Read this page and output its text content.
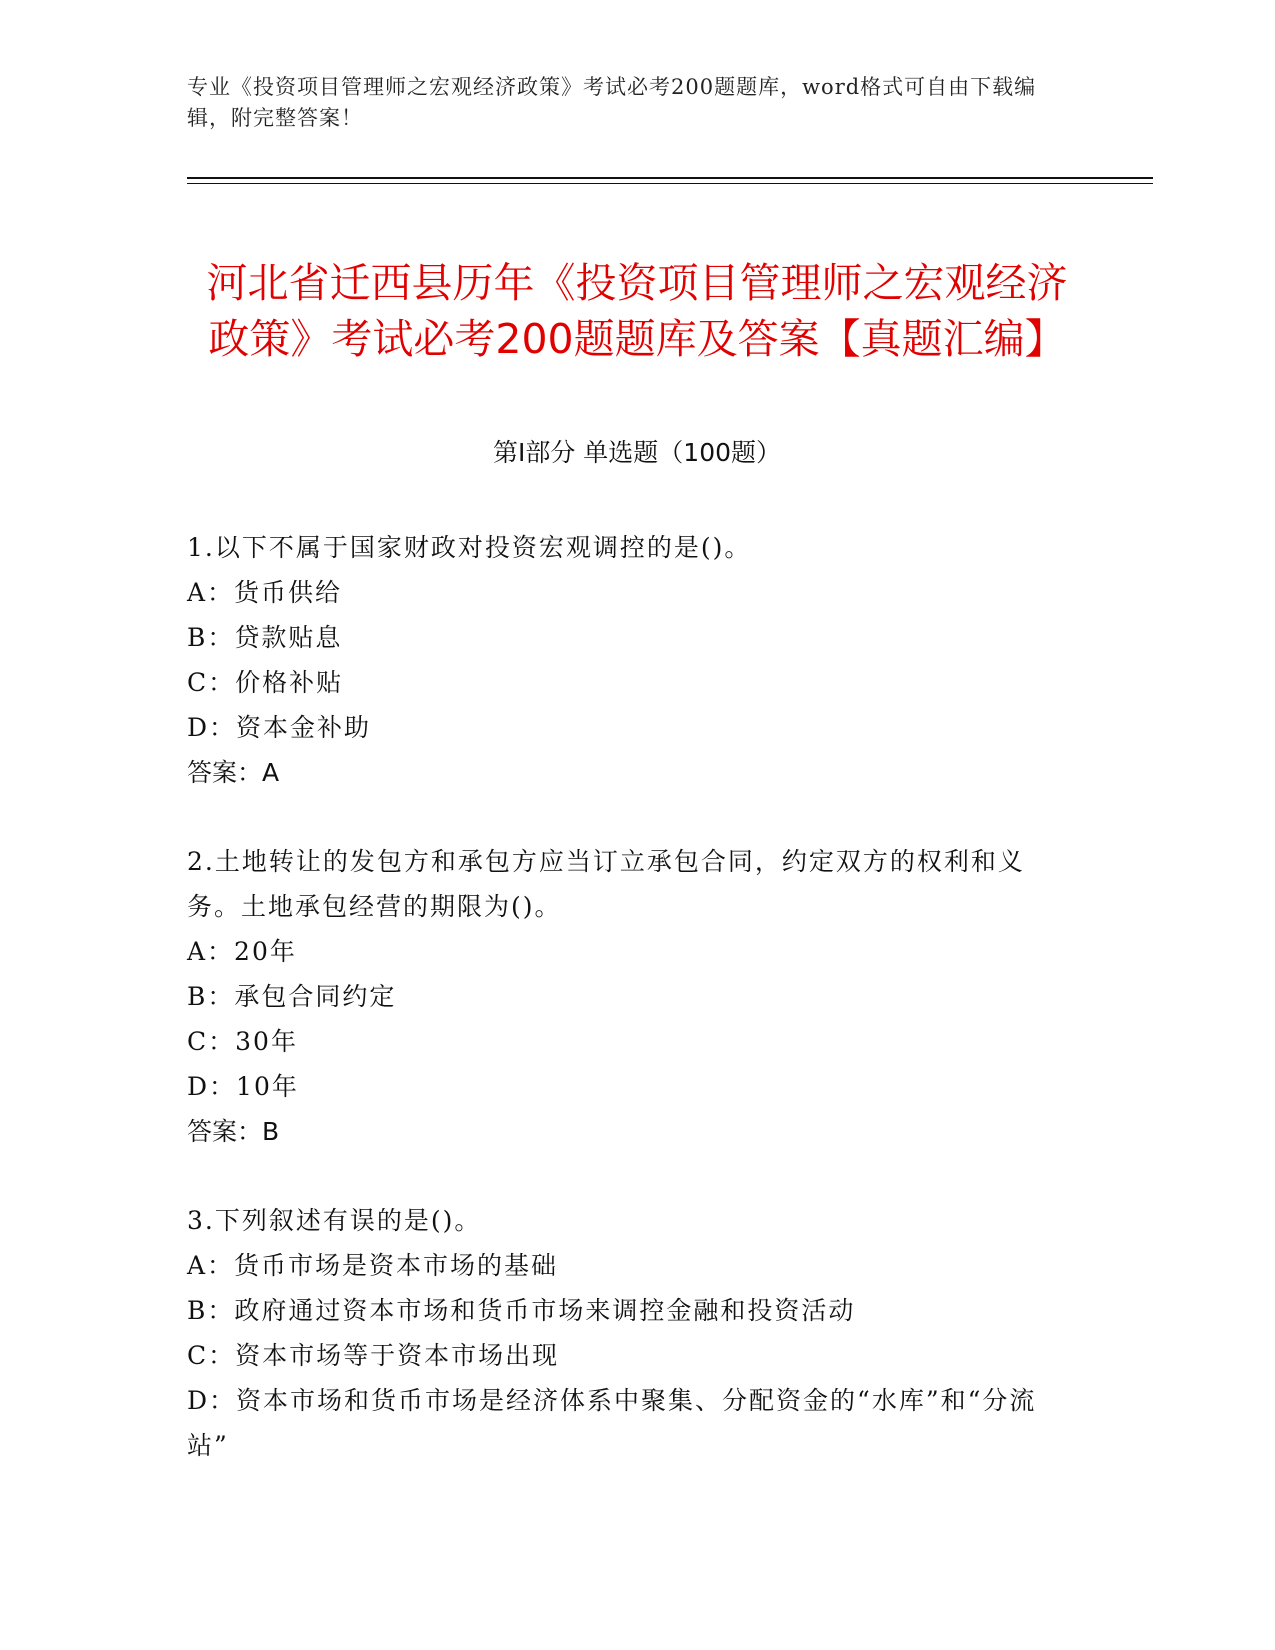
专业《投资项目管理师之宏观经济政策》考试必考200题题库，word格式可自由下载编辑，附完整答案！
河北省迁西县历年《投资项目管理师之宏观经济政策》考试必考200题题库及答案【真题汇编】
第I部分 单选题（100题）

1.以下不属于国家财政对投资宏观调控的是()。

A：货币供给

B：贷款贴息

C：价格补贴

D：资本金补助

答案：A

2.土地转让的发包方和承包方应当订立承包合同，约定双方的权利和义务。土地承包经营的期限为()。

A：20年

B：承包合同约定

C：30年

D：10年

答案：B

3.下列叙述有误的是()。

A：货币市场是资本市场的基础

B：政府通过资本市场和货币市场来调控金融和投资活动

C：资本市场等于资本市场出现

D：资本市场和货币市场是经济体系中聚集、分配资金的“水库”和“分流站”
